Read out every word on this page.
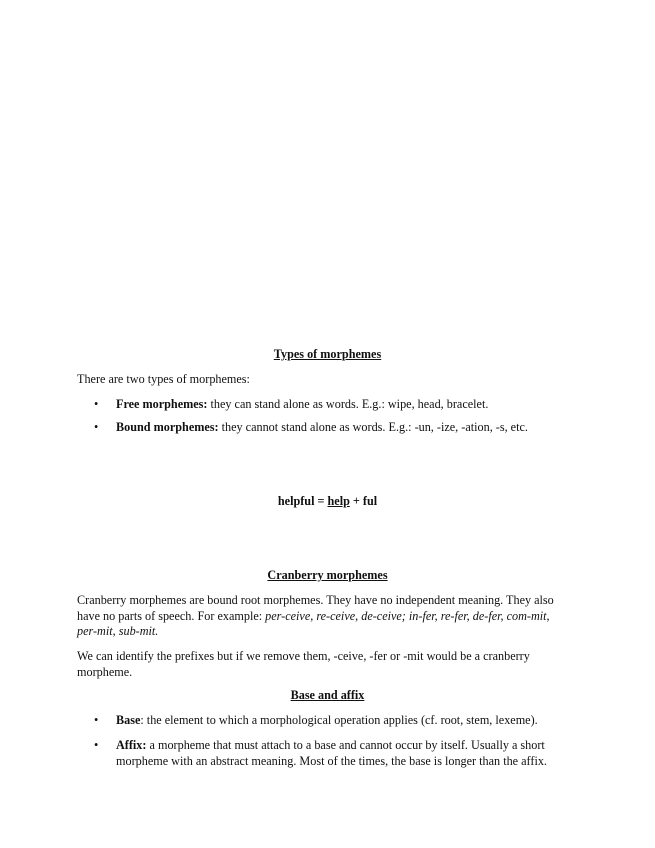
Types of morphemes
There are two types of morphemes:
• Free morphemes: they can stand alone as words. E.g.: wipe, head, bracelet.
• Bound morphemes: they cannot stand alone as words. E.g.: -un, -ize, -ation, -s, etc.
helpful = help + ful
Cranberry morphemes
Cranberry morphemes are bound root morphemes. They have no independent meaning. They also have no parts of speech. For example: per-ceive, re-ceive, de-ceive; in-fer, re-fer, de-fer, com-mit, per-mit, sub-mit.
We can identify the prefixes but if we remove them, -ceive, -fer or -mit would be a cranberry morpheme.
Base and affix
• Base: the element to which a morphological operation applies (cf. root, stem, lexeme).
• Affix: a morpheme that must attach to a base and cannot occur by itself. Usually a short morpheme with an abstract meaning. Most of the times, the base is longer than the affix.
